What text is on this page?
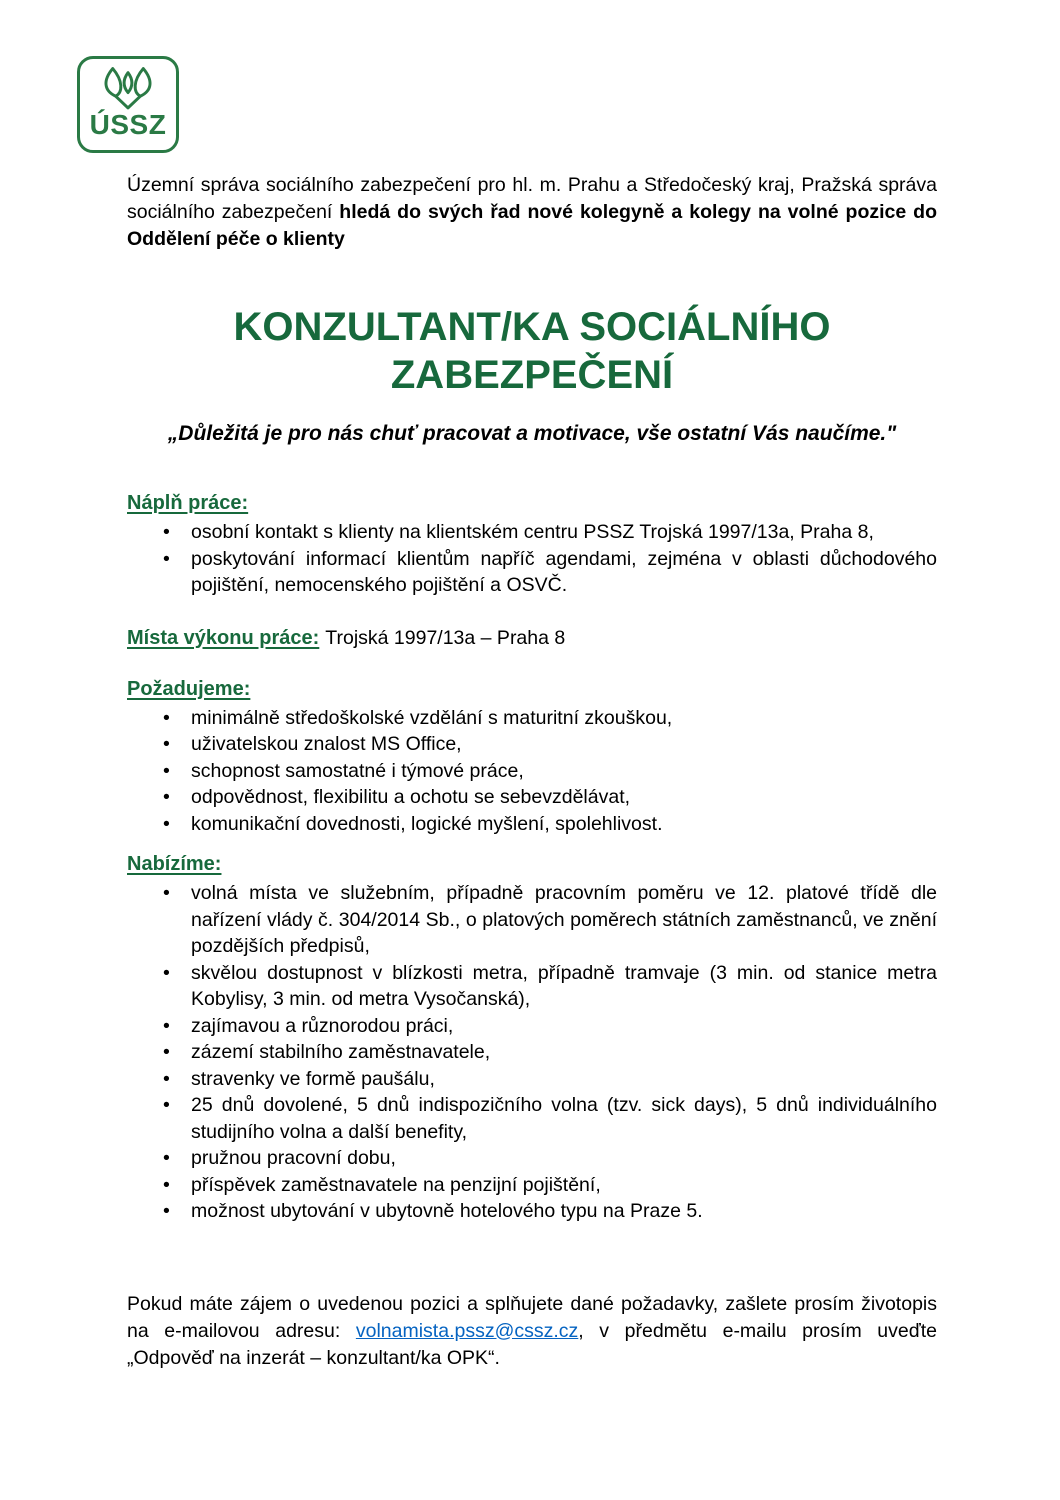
ÚSSZ

Územní správa sociálního zabezpečení pro hl. m. Prahu a Středočeský kraj, Pražská správa sociálního zabezpečení hledá do svých řad nové kolegyně a kolegy na volné pozice do Oddělení péče o klienty

KONZULTANT/KA SOCIÁLNÍHO
ZABEZPEČENÍ

„Důležitá je pro nás chuť pracovat a motivace, vše ostatní Vás naučíme."

Náplň práce:
• osobní kontakt s klienty na klientském centru PSSZ Trojská 1997/13a, Praha 8,
• poskytování informací klientům napříč agendami, zejména v oblasti důchodového pojištění, nemocenského pojištění a OSVČ.

Místa výkonu práce: Trojská 1997/13a – Praha 8

Požadujeme:
• minimálně středoškolské vzdělání s maturitní zkouškou,
• uživatelskou znalost MS Office,
• schopnost samostatné i týmové práce,
• odpovědnost, flexibilitu a ochotu se sebevzdělávat,
• komunikační dovednosti, logické myšlení, spolehlivost.
Nabízíme:
• volná místa ve služebním, případně pracovním poměru ve 12. platové třídě dle nařízení vlády č. 304/2014 Sb., o platových poměrech státních zaměstnanců, ve znění pozdějších předpisů,
• skvělou dostupnost v blízkosti metra, případně tramvaje (3 min. od stanice metra Kobylisy, 3 min. od metra Vysočanská),
• zajímavou a různorodou práci,
• zázemí stabilního zaměstnavatele,
• stravenky ve formě paušálu,
• 25 dnů dovolené, 5 dnů indispozičního volna (tzv. sick days), 5 dnů individuálního studijního volna a další benefity,
• pružnou pracovní dobu,
• příspěvek zaměstnavatele na penzijní pojištění,
• možnost ubytování v ubytovně hotelového typu na Praze 5.

Pokud máte zájem o uvedenou pozici a splňujete dané požadavky, zašlete prosím životopis na e-mailovou adresu: volnamista.pssz@cssz.cz, v předmětu e-mailu prosím uveďte „Odpověď na inzerát – konzultant/ka OPK“.
